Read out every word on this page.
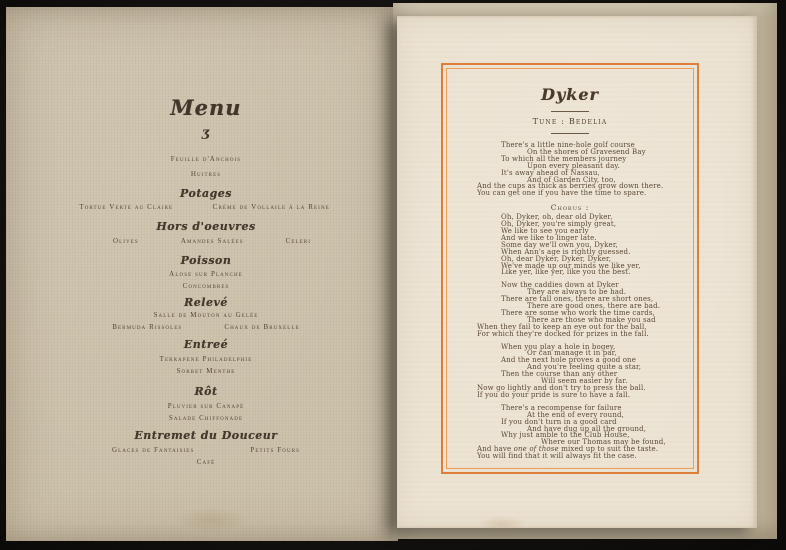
Menu
Ʒ
Feuille d'Anchois
Huitres
Potages
Tortue Verte au Claire	Crème de Vollaile à la Reine
Hors d'oeuvres
Olives	Amandes Salées	Celeri
Poisson
Alose sur Planche
Concombres
Relevé
Salle de Mouton au Gelée
Bermuda Rissoles	Chaux de Bruxelle
Entreé
Terrapene Philadelphie
Sorbet Menthe
Rôt
Pluvier sur Canapé
Salade Chiffonade
Entremet du Douceur
Glaces de Fantaisies	Petits Fours
Café
Dyker
Tune : Bedelia
There's a little nine-hole golf course
On the shores of Gravesend Bay
To which all the members journey
Upon every pleasant day.
It's away ahead of Nassau,
And of Garden City, too,
And the cups as thick as berries grow down there.
You can get one if you have the time to spare.
Chorus :
Oh, Dyker, oh, dear old Dyker,
Oh, Dyker, you're simply great,
We like to see you early
And we like to linger late.
Some day we'll own you, Dyker,
When Ann's age is rightly guessed.
Oh, dear Dyker, Dyker, Dyker,
We've made up our minds we like yer,
Like yer, like yer, like you the best.
Now the caddies down at Dyker
They are always to be had.
There are tall ones, there are short ones,
There are good ones, there are bad.
There are some who work the time cards,
There are those who make you sad
When they fail to keep an eye out for the ball,
For which they're docked for prizes in the fall.
When you play a hole in bogey,
Or can manage it in par,
And the next hole proves a good one
And you're feeling quite a star,
Then the course than any other
Will seem easier by far.
Now go lightly and don't try to press the ball.
If you do your pride is sure to have a fall.
There's a recompense for failure
At the end of every round,
If you don't turn in a good card
And have dug up all the ground,
Why just amble to the Club House,
Where our Thomas may be found,
And have one of those mixed up to suit the taste.
You will find that it will always fit the case.
